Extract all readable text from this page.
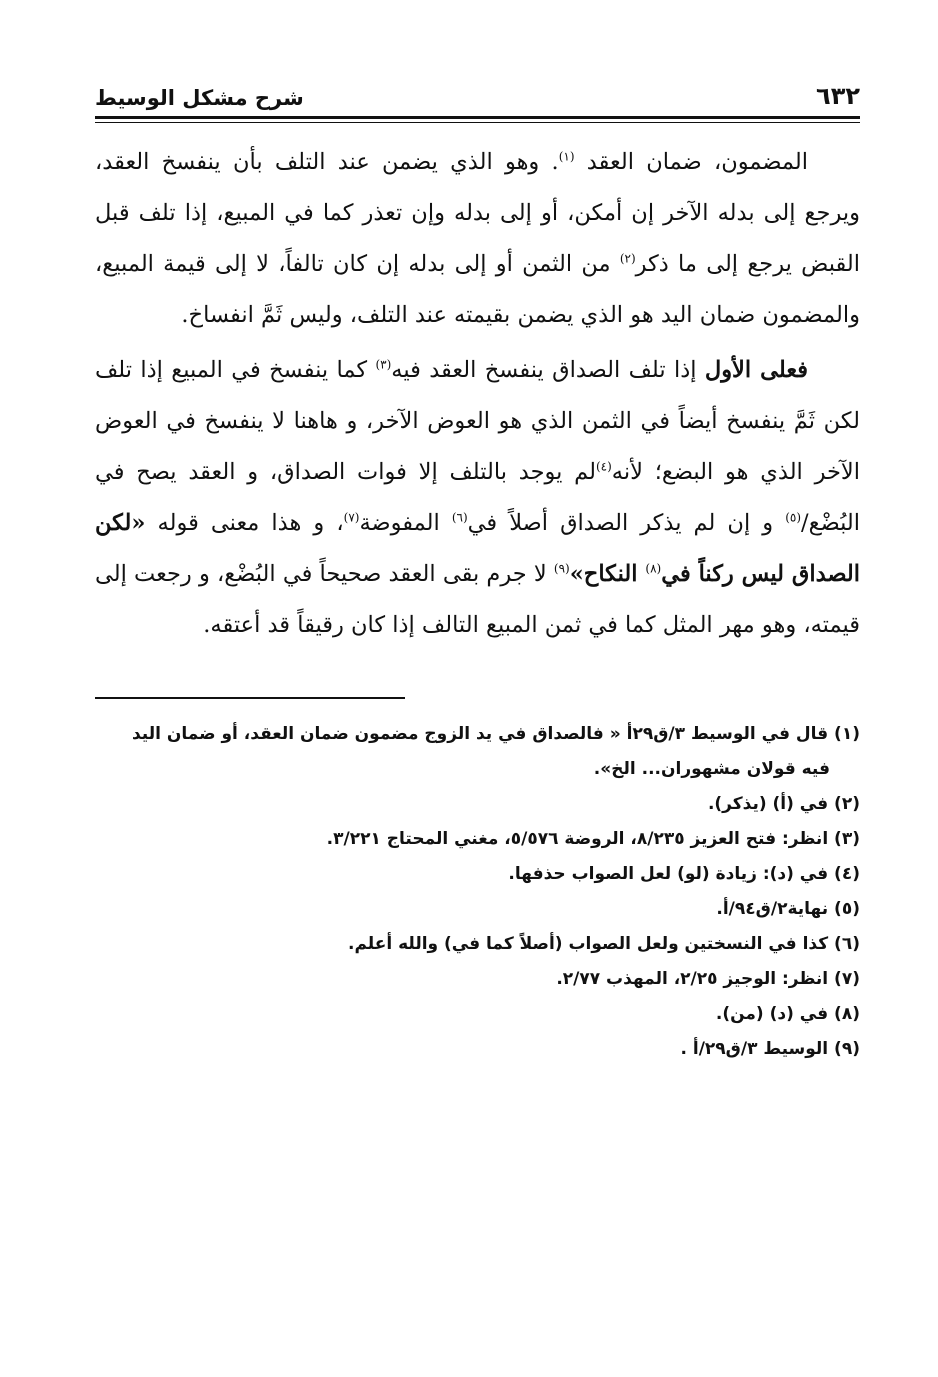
٦٣٢
شرح مشكل الوسيط

المضمون، ضمان العقد $^{(١)}$. وهو الذي يضمن عند التلف بأن ينفسخ العقد، ويرجع إلى بدله الآخر إن أمكن، أو إلى بدله وإن تعذر كما في المبيع، إذا تلف قبل القبض يرجع إلى ما ذكر$^{(٢)}$ من الثمن أو إلى بدله إن كان تالفاً، لا إلى قيمة المبيع، والمضمون ضمان اليد هو الذي يضمن بقيمته عند التلف، وليس ثَمَّ انفساخ.

فعلى الأول إذا تلف الصداق ينفسخ العقد فيه$^{(٣)}$ كما ينفسخ في المبيع إذا تلف لكن ثَمَّ ينفسخ أيضاً في الثمن الذي هو العوض الآخر، و هاهنا لا ينفسخ في العوض الآخر الذي هو البضع؛ لأنه$^{(٤)}$لم يوجد بالتلف إلا فوات الصداق، و العقد يصح في البُضْع/$^{(٥)}$ و إن لم يذكر الصداق أصلاً في$^{(٦)}$ المفوضة$^{(٧)}$، و هذا معنى قوله «لكن الصداق ليس ركناً في$^{(٨)}$ النكاح»$^{(٩)}$ لا جرم بقى العقد صحيحاً في البُضْع، و رجعت إلى قيمته، وهو مهر المثل كما في ثمن المبيع التالف إذا كان رقيقاً قد أعتقه.

(١) قال في الوسيط ٣/ق٢٩أ « فالصداق في يد الزوج مضمون ضمان العقد، أو ضمان اليد
فيه قولان مشهوران... الخ».
(٢) في (أ) (يذكر).
(٣) انظر: فتح العزيز ٨/٢٣٥، الروضة ٥/٥٧٦، مغني المحتاج ٣/٢٢١.
(٤) في (د): زيادة (لو) لعل الصواب حذفها.
(٥) نهاية٢/ق٩٤/أ.
(٦) كذا في النسختين ولعل الصواب (أصلاً كما في) والله أعلم.
(٧) انظر: الوجيز ٢/٢٥، المهذب ٢/٧٧.
(٨) في (د) (من).
(٩) الوسيط ٣/ق٢٩/أ .
